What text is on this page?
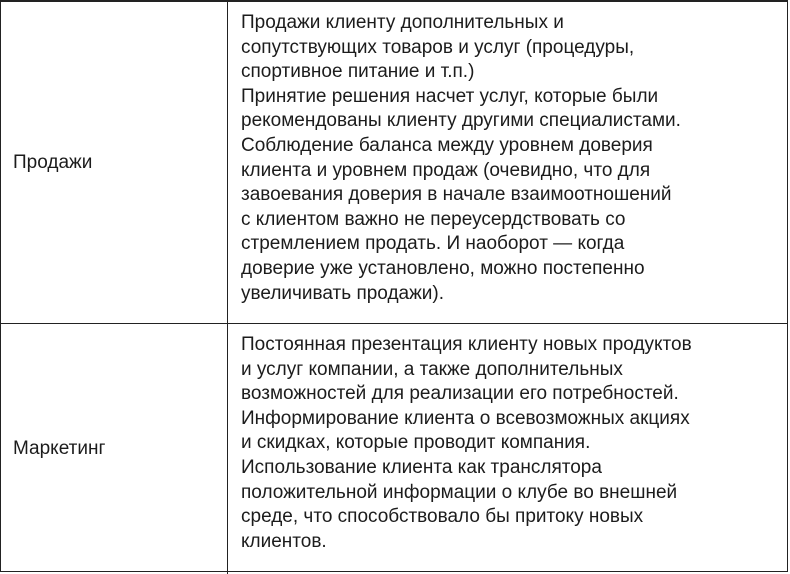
Продажи
Продажи клиенту дополнительных и
сопутствующих товаров и услуг (процедуры,
спортивное питание и т.п.)
Принятие решения насчет услуг, которые были
рекомендованы клиенту другими специалистами.
Соблюдение баланса между уровнем доверия
клиента и уровнем продаж (очевидно, что для
завоевания доверия в начале взаимоотношений
с клиентом важно не переусердствовать со
стремлением продать. И наоборот — когда
доверие уже установлено, можно постепенно
увеличивать продажи).
Маркетинг
Постоянная презентация клиенту новых продуктов
и услуг компании, а также дополнительных
возможностей для реализации его потребностей.
Информирование клиента о всевозможных акциях
и скидках, которые проводит компания.
Использование клиента как транслятора
положительной информации о клубе во внешней
среде, что способствовало бы притоку новых
клиентов.
